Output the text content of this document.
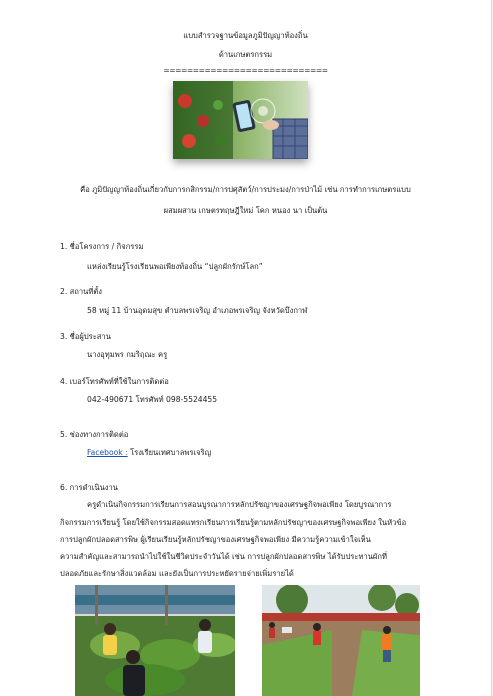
แบบสำรวจฐานข้อมูลภูมิปัญญาท้องถิ่น
ด้านเกษตรกรรม
============================
คือ ภูมิปัญญาท้องถิ่นเกี่ยวกับการกสิกรรม/การปศุสัตว์/การประมง/การป่าไม้ เช่น การทำการเกษตรแบบ
ผสมผสาน เกษตรทฤษฎีใหม่ โคก หนอง นา เป็นต้น
1. ชื่อโครงการ / กิจกรรม
แหล่งเรียนรู้โรงเรียนพอเพียงท้องถิ่น “ปลูกผักรักษ์โลก”
2. สถานที่ตั้ง
58 หมู่ 11 บ้านอุดมสุข ตำบลพรเจริญ อำเภอพรเจริญ จังหวัดบึงกาฬ
3. ชื่อผู้ประสาน
นางอุทุมพร กมริฤณะ ครู
4. เบอร์โทรศัพท์ที่ใช้ในการติดต่อ
042-490671 โทรศัพท์ 098-5524455
5. ช่องทางการติดต่อ
Facebook : โรงเรียนเทศบาลพรเจริญ
6. การดำเนินงาน
ครูดำเนินกิจกรรมการเรียนการสอนบูรณาการหลักปรัชญาของเศรษฐกิจพอเพียง โดยบูรณาการ
กิจกรรมการเรียนรู้ โดยใช้กิจกรรมสอดแทรกเรียนการเรียนรู้ตามหลักปรัชญาของเศรษฐกิจพอเพียง ในหัวข้อ
การปลูกผักปลอดสารพิษ ผู้เรียนเรียนรู้หลักปรัชญาของเศรษฐกิจพอเพียง มีความรู้ความเข้าใจเห็น
ความสำคัญและสามารถนำไปใช้ในชีวิตประจำวันได้ เช่น การปลูกผักปลอดสารพิษ ได้รับประทานผักที่
ปลอดภัยและรักษาสิ่งแวดล้อม และยังเป็นการประหยัดรายจ่ายเพิ่มรายได้
